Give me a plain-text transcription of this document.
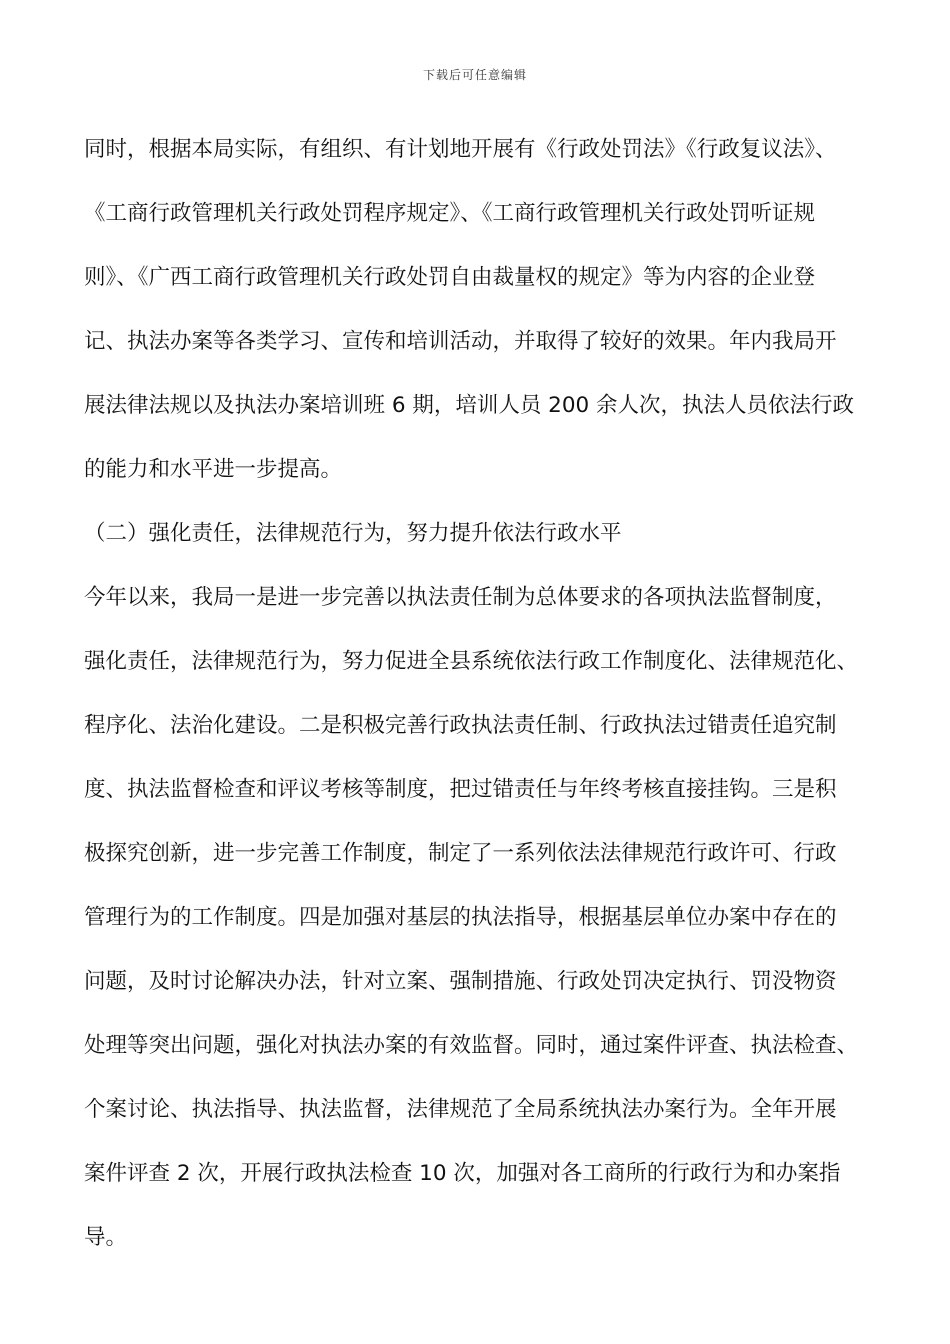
下载后可任意编辑
同时，根据本局实际，有组织、有计划地开展有《行政处罚法》《行政复议法》、
《工商行政管理机关行政处罚程序规定》、《工商行政管理机关行政处罚听证规
则》、《广西工商行政管理机关行政处罚自由裁量权的规定》等为内容的企业登
记、执法办案等各类学习、宣传和培训活动，并取得了较好的效果。年内我局开
展法律法规以及执法办案培训班 6 期，培训人员 200 余人次，执法人员依法行政
的能力和水平进一步提高。
（二）强化责任，法律规范行为，努力提升依法行政水平
今年以来，我局一是进一步完善以执法责任制为总体要求的各项执法监督制度，
强化责任，法律规范行为，努力促进全县系统依法行政工作制度化、法律规范化、
程序化、法治化建设。二是积极完善行政执法责任制、行政执法过错责任追究制
度、执法监督检查和评议考核等制度，把过错责任与年终考核直接挂钩。三是积
极探究创新，进一步完善工作制度，制定了一系列依法法律规范行政许可、行政
管理行为的工作制度。四是加强对基层的执法指导，根据基层单位办案中存在的
问题，及时讨论解决办法，针对立案、强制措施、行政处罚决定执行、罚没物资
处理等突出问题，强化对执法办案的有效监督。同时，通过案件评查、执法检查、
个案讨论、执法指导、执法监督，法律规范了全局系统执法办案行为。全年开展
案件评查 2 次，开展行政执法检查 10 次，加强对各工商所的行政行为和办案指
导。
